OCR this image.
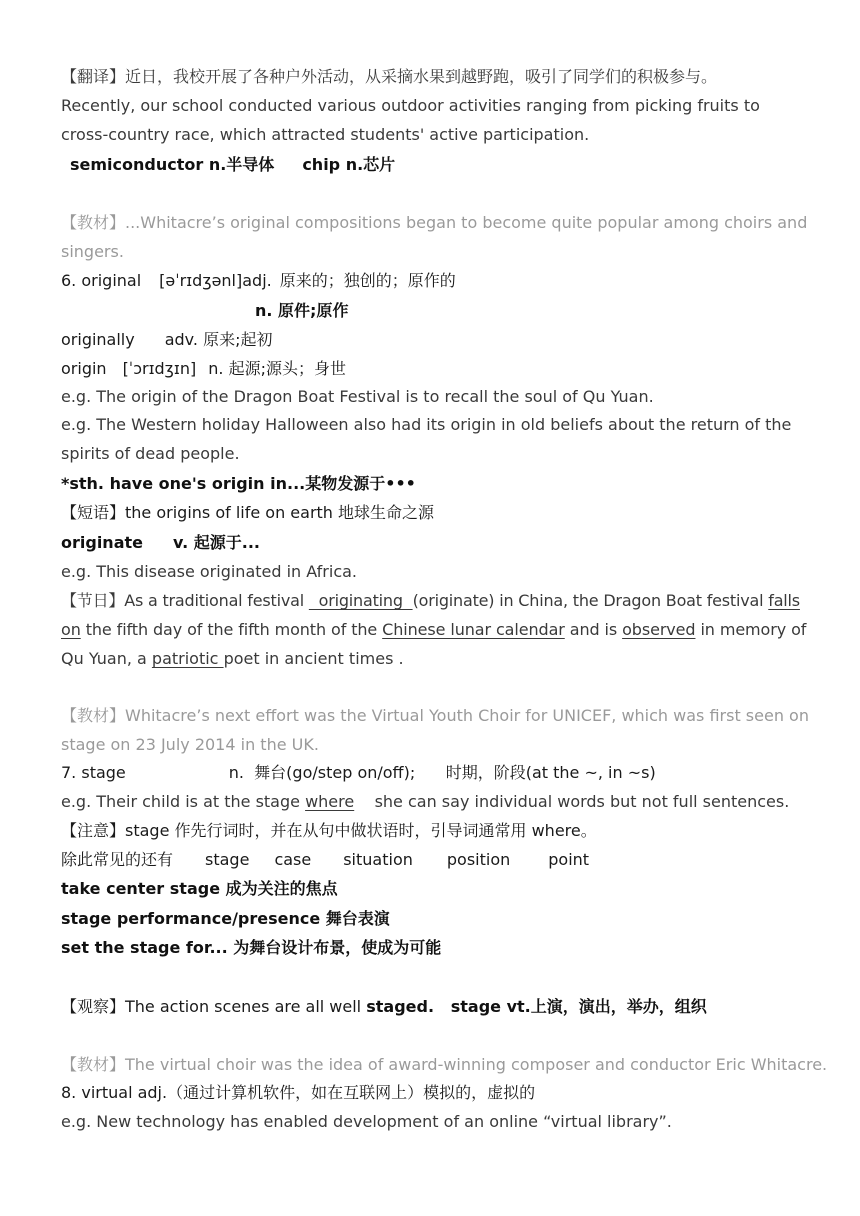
【翻译】近日，我校开展了各种户外活动，从采摘水果到越野跑，吸引了同学们的积极参与。
Recently, our school conducted various outdoor activities ranging from picking fruits to
cross-country race, which attracted students' active participation.
semiconductor n.半导体 chip n.芯片
【教材】...Whitacre’s original compositions began to become quite popular among choirs and
singers.
6. original [əˈrɪdʒənl]adj. 原来的；独创的；原作的
n. 原件;原作
originally adv. 原来;起初
origin [ˈɔrɪdʒɪn] n. 起源;源头；身世
e.g. The origin of the Dragon Boat Festival is to recall the soul of Qu Yuan.
e.g. The Western holiday Halloween also had its origin in old beliefs about the return of the
spirits of dead people.
*sth. have one's origin in...某物发源于•••
【短语】the origins of life on earth 地球生命之源
originate v. 起源于...
e.g. This disease originated in Africa.
【节日】As a traditional festival   originating  (originate) in China, the Dragon Boat festival falls
on the fifth day of the fifth month of the Chinese lunar calendar and is observed in memory of
Qu Yuan, a patriotic poet in ancient times .
【教材】Whitacre’s next effort was the Virtual Youth Choir for UNICEF, which was first seen on
stage on 23 July 2014 in the UK.
7. stage	n.  舞台(go/step on/off);      时期，阶段(at the ~, in ~s)
e.g. Their child is at the stage where    she can say individual words but not full sentences.
【注意】stage 作先行词时，并在从句中做状语时，引导词通常用 where。
除此常见的还有 stage case situation position point
take center stage 成为关注的焦点
stage performance/presence 舞台表演
set the stage for... 为舞台设计布景，使成为可能
【观察】The action scenes are all well staged.   stage vt.上演，演出，举办，组织
【教材】The virtual choir was the idea of award-winning composer and conductor Eric Whitacre.
8. virtual adj.（通过计算机软件，如在互联网上）模拟的，虚拟的
e.g. New technology has enabled development of an online “virtual library”.
